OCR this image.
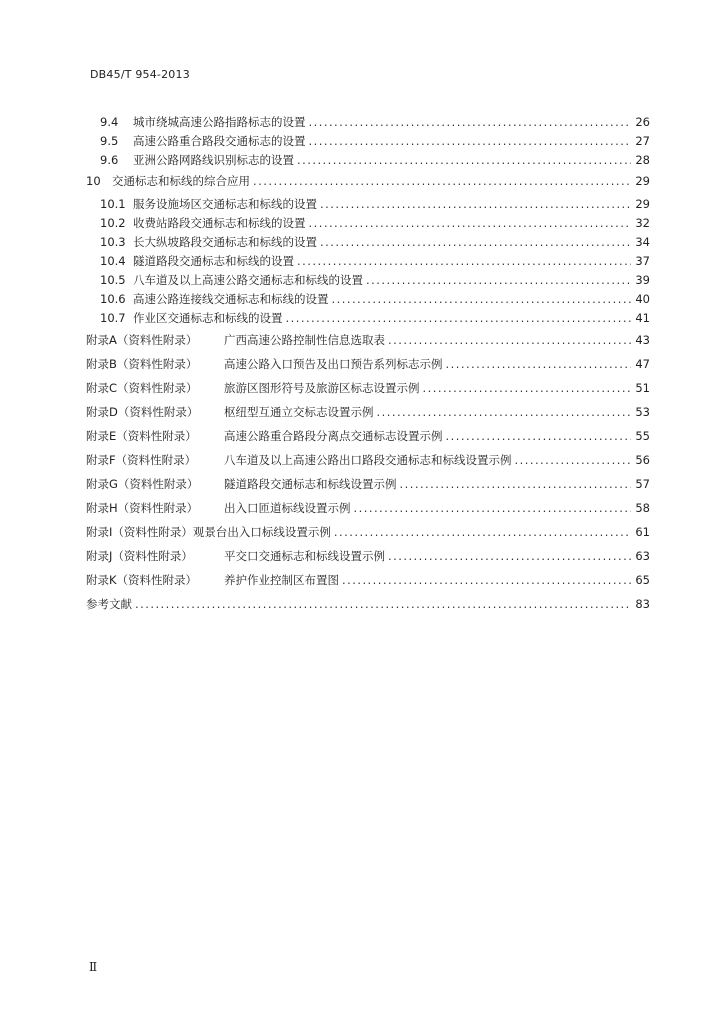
DB45/T 954-2013
9.4	城市绕城高速公路指路标志的设置 . . .	26
9.5	高速公路重合路段交通标志的设置 . . .	27
9.6	亚洲公路网路线识别标志的设置 . . .	28
10 交通标志和标线的综合应用 . . .	29
10.1 服务设施场区交通标志和标线的设置 . . .	29
10.2 收费站路段交通标志和标线的设置 . . .	32
10.3 长大纵坡路段交通标志和标线的设置 . . .	34
10.4 隧道路段交通标志和标线的设置 . . .	37
10.5 八车道及以上高速公路交通标志和标线的设置 . . .	39
10.6 高速公路连接线交通标志和标线的设置 . . .	40
10.7 作业区交通标志和标线的设置 . . .	41
附录A（资料性附录）	广西高速公路控制性信息选取表 . . .	43
附录B（资料性附录）	高速公路入口预告及出口预告系列标志示例 . . .	47
附录C（资料性附录）	旅游区图形符号及旅游区标志设置示例 . . .	51
附录D（资料性附录）	枢纽型互通立交标志设置示例 . . .	53
附录E（资料性附录）	高速公路重合路段分离点交通标志设置示例 . . .	55
附录F（资料性附录）	八车道及以上高速公路出口路段交通标志和标线设置示例 . . .	56
附录G（资料性附录）	隧道路段交通标志和标线设置示例 . . .	57
附录H（资料性附录）	出入口匝道标线设置示例 . . .	58
附录I（资料性附录） 观景台出入口标线设置示例 . . .	61
附录J（资料性附录）	平交口交通标志和标线设置示例 . . .	63
附录K（资料性附录）	养护作业控制区布置图 . . .	65
参考文献 . . .	83
Ⅱ
